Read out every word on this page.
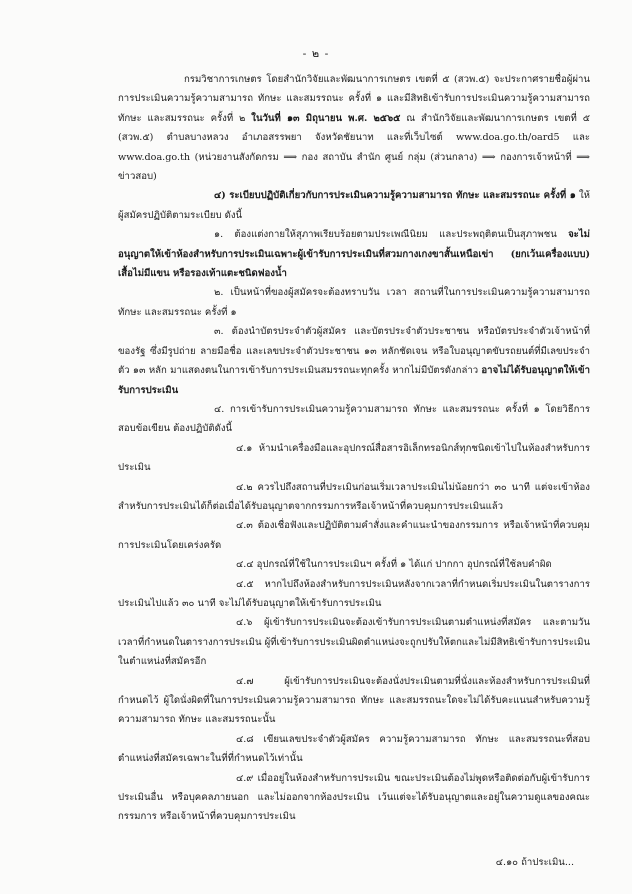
- ๒ -

กรมวิชาการเกษตร โดยสำนักวิจัยและพัฒนาการเกษตร เขตที่ ๕ (สวพ.๕) จะประกาศรายชื่อผู้ผ่านการประเมินความรู้ความสามารถ ทักษะ และสมรรถนะ ครั้งที่ ๑ และมีสิทธิเข้ารับการประเมินความรู้ความสามารถ ทักษะ และสมรรถนะ ครั้งที่ ๒ ในวันที่ ๑๓ มิถุนายน พ.ศ. ๒๕๖๕ ณ สำนักวิจัยและพัฒนาการเกษตร เขตที่ ๕ (สวพ.๕) ตำบลบางหลวง อำเภอสรรพยา จังหวัดชัยนาท และที่เว็บไซต์ www.doa.go.th/oard5 และ www.doa.go.th (หน่วยงานสังกัดกรม ⟹ กอง สถาบัน สำนัก ศูนย์ กลุ่ม (ส่วนกลาง) ⟹ กองการเจ้าหน้าที่ ⟹ ข่าวสอบ)

๔) ระเบียบปฏิบัติเกี่ยวกับการประเมินความรู้ความสามารถ ทักษะ และสมรรถนะ ครั้งที่ ๑ ให้ผู้สมัครปฏิบัติตามระเบียบ ดังนี้

๑. ต้องแต่งกายให้สุภาพเรียบร้อยตามประเพณีนิยม และประพฤติตนเป็นสุภาพชน จะไม่อนุญาตให้เข้าห้องสำหรับการประเมินเฉพาะผู้เข้ารับการประเมินที่สวมกางเกงขาสั้นเหนือเข่า (ยกเว้นเครื่องแบบ) เสื้อไม่มีแขน หรือรองเท้าแตะชนิดฟองน้ำ

๒. เป็นหน้าที่ของผู้สมัครจะต้องทราบวัน เวลา สถานที่ในการประเมินความรู้ความสามารถ ทักษะ และสมรรถนะ ครั้งที่ ๑

๓. ต้องนำบัตรประจำตัวผู้สมัคร และบัตรประจำตัวประชาชน หรือบัตรประจำตัวเจ้าหน้าที่ของรัฐ ซึ่งมีรูปถ่าย ลายมือชื่อ และเลขประจำตัวประชาชน ๑๓ หลักชัดเจน หรือใบอนุญาตขับรถยนต์ที่มีเลขประจำตัว ๑๓ หลัก มาแสดงตนในการเข้ารับการประเมินสมรรถนะทุกครั้ง หากไม่มีบัตรดังกล่าว อาจไม่ได้รับอนุญาตให้เข้ารับการประเมิน

๔. การเข้ารับการประเมินความรู้ความสามารถ ทักษะ และสมรรถนะ ครั้งที่ ๑ โดยวิธีการสอบข้อเขียน ต้องปฏิบัติดังนี้

๔.๑ ห้ามนำเครื่องมือและอุปกรณ์สื่อสารอิเล็กทรอนิกส์ทุกชนิดเข้าไปในห้องสำหรับการประเมิน

๔.๒ ควรไปถึงสถานที่ประเมินก่อนเริ่มเวลาประเมินไม่น้อยกว่า ๓๐ นาที แต่จะเข้าห้องสำหรับการประเมินได้ก็ต่อเมื่อได้รับอนุญาตจากกรรมการหรือเจ้าหน้าที่ควบคุมการประเมินแล้ว

๔.๓ ต้องเชื่อฟังและปฏิบัติตามคำสั่งและคำแนะนำของกรรมการ หรือเจ้าหน้าที่ควบคุมการประเมินโดยเคร่งครัด

๔.๔ อุปกรณ์ที่ใช้ในการประเมินฯ ครั้งที่ ๑ ได้แก่ ปากกา อุปกรณ์ที่ใช้ลบคำผิด

๔.๕ หากไปถึงห้องสำหรับการประเมินหลังจากเวลาที่กำหนดเริ่มประเมินในตารางการประเมินไปแล้ว ๓๐ นาที จะไม่ได้รับอนุญาตให้เข้ารับการประเมิน

๔.๖ ผู้เข้ารับการประเมินจะต้องเข้ารับการประเมินตามตำแหน่งที่สมัคร และตามวันเวลาที่กำหนดในตารางการประเมิน ผู้ที่เข้ารับการประเมินผิดตำแหน่งจะถูกปรับให้ตกและไม่มีสิทธิเข้ารับการประเมินในตำแหน่งที่สมัครอีก

๔.๗ ผู้เข้ารับการประเมินจะต้องนั่งประเมินตามที่นั่งและห้องสำหรับการประเมินที่กำหนดไว้ ผู้ใดนั่งผิดที่ในการประเมินความรู้ความสามารถ ทักษะ และสมรรถนะใดจะไม่ได้รับคะแนนสำหรับความรู้ความสามารถ ทักษะ และสมรรถนะนั้น

๔.๘ เขียนเลขประจำตัวผู้สมัคร ความรู้ความสามารถ ทักษะ และสมรรถนะที่สอบตำแหน่งที่สมัครเฉพาะในที่ที่กำหนดไว้เท่านั้น

๔.๙ เมื่ออยู่ในห้องสำหรับการประเมิน ขณะประเมินต้องไม่พูดหรือติดต่อกับผู้เข้ารับการประเมินอื่น หรือบุคคลภายนอก และไม่ออกจากห้องประเมิน เว้นแต่จะได้รับอนุญาตและอยู่ในความดูแลของคณะกรรมการ หรือเจ้าหน้าที่ควบคุมการประเมิน

๔.๑๐ ถ้าประเมิน...
